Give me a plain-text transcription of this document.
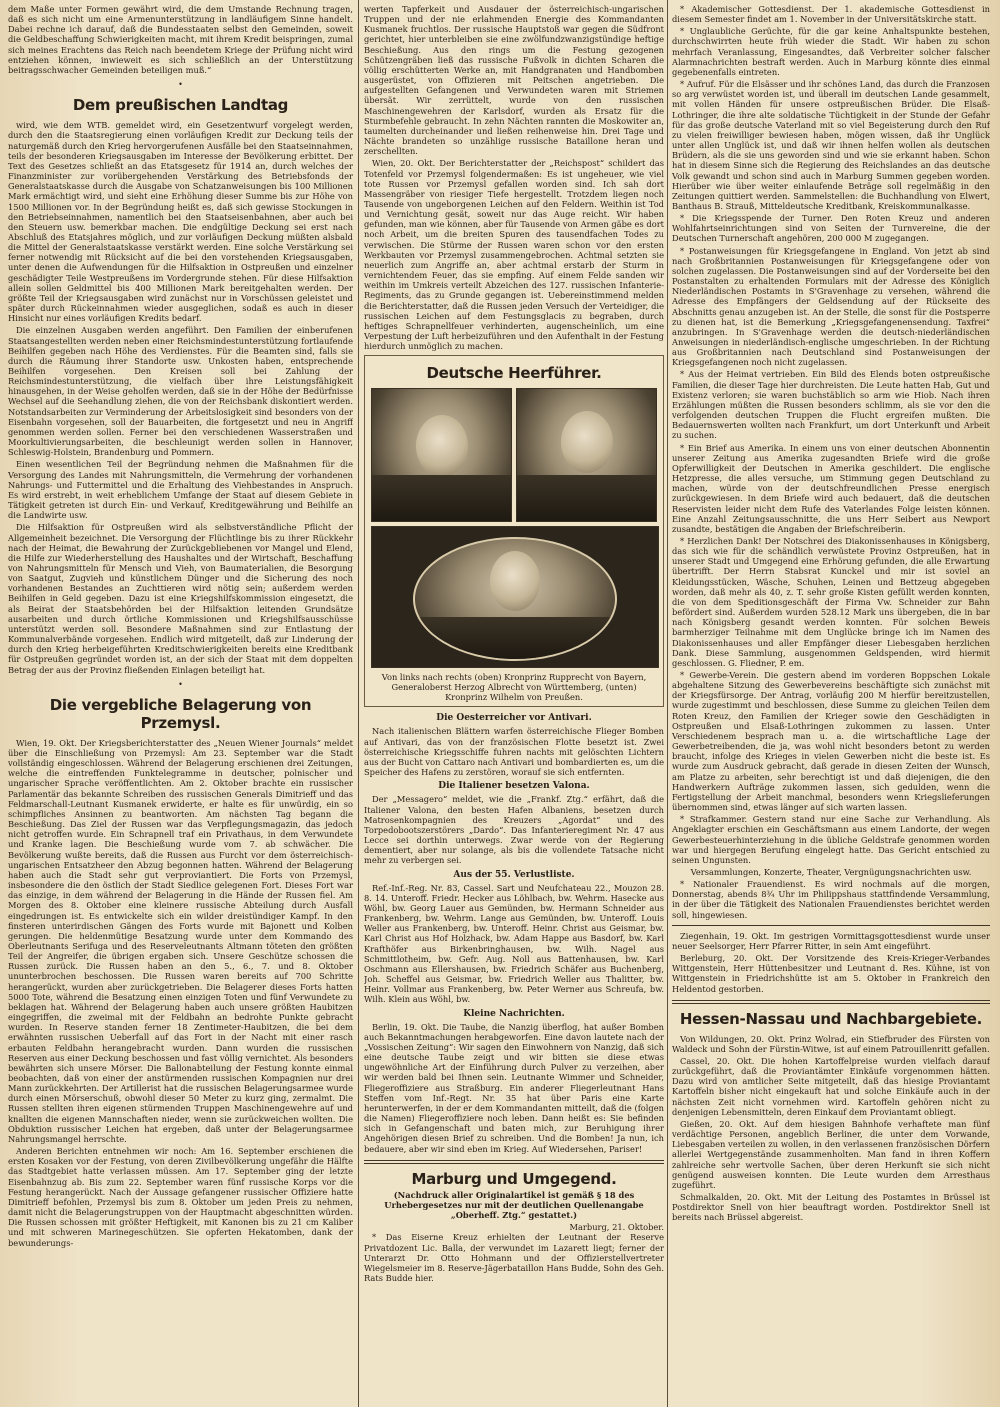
dem Maße unter Formen gewährt wird, die dem Umstande Rechnung tragen, daß es sich nicht um eine Armenunterstützung in landläufigem Sinne handelt. Dabei rechne ich darauf, daß die Bundesstaaten selbst den Gemeinden, soweit die Geldbeschaffung Schwierigkeiten macht, mit ihrem Kredit beispringen, zumal sich meines Erachtens das Reich nach beendetem Kriege der Prüfung nicht wird entziehen können, inwieweit es sich schließlich an der Unterstützung beitragsschwacher Gemeinden beteiligen muß.“

•
Dem preußischen Landtag

wird, wie dem WTB. gemeldet wird, ein Gesetzentwurf vorgelegt werden, durch den die Staatsregierung einen vorläufigen Kredit zur Deckung teils der naturgemäß durch den Krieg hervorgerufenen Ausfälle bei den Staatseinnahmen, teils der besonderen Kriegsausgaben im Interesse der Bevölkerung erbittet. Der Text des Gesetzes schließt an das Etatsgesetz für 1914 an, durch welches der Finanzminister zur vorübergehenden Verstärkung des Betriebsfonds der Generalstaatskasse durch die Ausgabe von Schatzanweisungen bis 100 Millionen Mark ermächtigt wird, und sieht eine Erhöhung dieser Summe bis zur Höhe von 1500 Millionen vor. In der Begründung heißt es, daß sich gewisse Stockungen in den Betriebseinnahmen, namentlich bei den Staatseisenbahnen, aber auch bei den Steuern usw. bemerkbar machen. Die endgültige Deckung sei erst nach Abschluß des Etatsjahres möglich, und zur vorläufigen Deckung müßten alsbald die Mittel der Generalstaatskasse verstärkt werden. Eine solche Verstärkung sei ferner notwendig mit Rücksicht auf die bei den vorstehenden Kriegsausgaben, unter denen die Aufwendungen für die Hilfsaktion in Ostpreußen und einzelner geschädigter Teile Westpreußens im Vordergrunde stehen. Für diese Hilfsaktion allein sollen Geldmittel bis 400 Millionen Mark bereitgehalten werden. Der größte Teil der Kriegsausgaben wird zunächst nur in Vorschüssen geleistet und später durch Rückeinnahmen wieder ausgeglichen, sodaß es auch in dieser Hinsicht nur eines vorläufigen Kredits bedarf.

Die einzelnen Ausgaben werden angeführt. Den Familien der einberufenen Staatsangestellten werden neben einer Reichsmindestunterstützung fortlaufende Beihilfen gegeben nach Höhe des Verdienstes. Für die Beamten sind, falls sie durch die Räumung ihrer Standorte usw. Unkosten haben, entsprechende Beihilfen vorgesehen. Den Kreisen soll bei Zahlung der Reichsmindestunterstützung, die vielfach über ihre Leistungsfähigkeit hinausgehen, in der Weise geholfen werden, daß sie in der Höhe der Bedürfnisse Wechsel auf die Seehandlung ziehen, die von der Reichsbank diskontiert werden. Notstandsarbeiten zur Verminderung der Arbeitslosigkeit sind besonders von der Eisenbahn vorgesehen, soll der Bauarbeiten, die fortgesetzt und neu in Angriff genommen werden sollen. Ferner bei den verschiedenen Wasserstraßen und Moorkultivierungsarbeiten, die beschleunigt werden sollen in Hannover, Schleswig-Holstein, Brandenburg und Pommern.

Einen wesentlichen Teil der Begründung nehmen die Maßnahmen für die Versorgung des Landes mit Nahrungsmitteln, die Vermehrung der vorhandenen Nahrungs- und Futtermittel und die Erhaltung des Viehbestandes in Anspruch. Es wird erstrebt, in weit erheblichem Umfange der Staat auf diesem Gebiete in Tätigkeit getreten ist durch Ein- und Verkauf, Kreditgewährung und Beihilfe an die Landwirte usw.

Die Hilfsaktion für Ostpreußen wird als selbstverständliche Pflicht der Allgemeinheit bezeichnet. Die Versorgung der Flüchtlinge bis zu ihrer Rückkehr nach der Heimat, die Bewahrung der Zurückgebliebenen vor Mangel und Elend, die Hilfe zur Wiederherstellung des Haushaltes und der Wirtschaft, Beschaffung von Nahrungsmitteln für Mensch und Vieh, von Baumaterialien, die Besorgung von Saatgut, Zugvieh und künstlichem Dünger und die Sicherung des noch vorhandenen Bestandes an Zuchttieren wird nötig sein; außerdem werden Beihilfen in Geld gegeben. Dazu ist eine Kriegshilfskommission eingesetzt, die als Beirat der Staatsbehörden bei der Hilfsaktion leitenden Grundsätze ausarbeiten und durch örtliche Kommissionen und Kriegshilfsausschüsse unterstützt werden soll. Besondere Maßnahmen sind zur Entlastung der Kommunalverbände vorgesehen. Endlich wird mitgeteilt, daß zur Linderung der durch den Krieg herbeigeführten Kreditschwierigkeiten bereits eine Kreditbank für Ostpreußen gegründet worden ist, an der sich der Staat mit dem doppelten Betrag der aus der Provinz fließenden Einlagen beteiligt hat.

•
Die vergebliche Belagerung von Przemysl.

Wien, 19. Okt. Der Kriegsberichterstatter des „Neuen Wiener Journals“ meldet über die Einschließung von Przemysl: Am 23. September war die Stadt vollständig eingeschlossen. Während der Belagerung erschienen drei Zeitungen, welche die eintreffenden Funktelegramme in deutscher, polnischer und ungarischer Sprache veröffentlichten. Am 2. Oktober brachte ein russischer Parlamentär das bekannte Schreiben des russischen Generals Dimitrieff und das Feldmarschall-Leutnant Kusmanek erwiderte, er halte es für unwürdig, ein so schimpfliches Ansinnen zu beantworten. Am nächsten Tag begann die Beschießung. Das Ziel der Russen war das Verpflegungsmagazin, das jedoch nicht getroffen wurde. Ein Schrapnell traf ein Privathaus, in dem Verwundete und Kranke lagen. Die Beschießung wurde vom 7. ab schwächer. Die Bevölkerung wußte bereits, daß die Russen aus Furcht vor dem österreichisch-ungarischen Entsatzheer den Abzug begonnen hatten. Während der Belagerung haben auch die Stadt sehr gut verproviantiert. Die Forts von Przemysl, insbesondere die den östlich der Stadt Siedlice gelegenen Fort. Dieses Fort war das einzige, in dem während der Belagerung in die Hände der Russen fiel. Am Morgen des 8. Oktober eine kleinere russische Abteilung durch Ausfall eingedrungen ist. Es entwickelte sich ein wilder dreistündiger Kampf. In den finsteren unterirdischen Gängen des Forts wurde mit Bajonett und Kolben gerungen. Die heldenmütige Besatzung wurde unter dem Kommando des Oberleutnants Serifuga und des Reserveleutnants Altmann töteten den größten Teil der Angreifer, die übrigen ergaben sich. Unsere Geschütze schossen die Russen zurück. Die Russen haben an den 5., 6., 7. und 8. Oktober ununterbrochen beschossen. Die Russen waren bereits auf 700 Schritte herangerückt, wurden aber zurückgetrieben. Die Belagerer dieses Forts hatten 5000 Tote, während die Besatzung einen einzigen Toten und fünf Verwundete zu beklagen hat. Während der Belagerung haben auch unsere größten Haubitzen eingegriffen, die zweimal mit der Feldbahn an bedrohte Punkte gebracht wurden. In Reserve standen ferner 18 Zentimeter-Haubitzen, die bei dem erwähnten russischen Ueberfall auf das Fort in der Nacht mit einer rasch erbauten Feldbahn herangebracht wurden. Dann wurden die russischen Reserven aus einer Deckung beschossen und fast völlig vernichtet. Als besonders bewährten sich unsere Mörser. Die Ballonabteilung der Festung konnte einmal beobachten, daß von einer der anstürmenden russischen Kompagnien nur drei Mann zurückkehrten. Der Artillerist hat die russischen Belagerungsarmee wurde durch einen Mörserschuß, obwohl dieser 50 Meter zu kurz ging, zermalmt. Die Russen stellten ihren eigenen stürmenden Truppen Maschinengewehre auf und knallten die eigenen Mannschaften nieder, wenn sie zurückweichen wollten. Die Obduktion russischer Leichen hat ergeben, daß unter der Belagerungsarmee Nahrungsmangel herrschte.

Anderen Berichten entnehmen wir noch: Am 16. September erschienen die ersten Kosaken vor der Festung, von deren Zivilbevölkerung ungefähr die Hälfte das Stadtgebiet hatte verlassen müssen. Am 17. September ging der letzte Eisenbahnzug ab. Bis zum 22. September waren fünf russische Korps vor die Festung herangerückt. Nach der Aussage gefangener russischer Offiziere hatte Dimitrieff befohlen, Przemysl bis zum 8. Oktober um jeden Preis zu nehmen, damit nicht die Belagerungstruppen von der Hauptmacht abgeschnitten würden. Die Russen schossen mit größter Heftigkeit, mit Kanonen bis zu 21 cm Kaliber und mit schweren Marinegeschützen. Sie opferten Hekatomben, dank der bewunderungs-

werten Tapferkeit und Ausdauer der österreichisch-ungarischen Truppen und der nie erlahmenden Energie des Kommandanten Kusmanek fruchtlos. Der russische Hauptstoß war gegen die Südfront gerichtet, hier unterbleiben sie eine zwölfundzwanzigstündige heftige Beschießung. Aus den rings um die Festung gezogenen Schützengräben ließ das russische Fußvolk in dichten Scharen die völlig erschütterten Werke an, mit Handgranaten und Handbomben ausgerüstet, von Offizieren mit Peitschen angetrieben. Die aufgestellten Gefangenen und Verwundeten waren mit Striemen übersät. Wir zerrüttelt, wurde von den russischen Maschinengewehren der Karlsdorf, wurden als Ersatz für die Sturmbefehle gebraucht. In zehn Nächten rannten die Moskowiter an, taumelten durcheinander und ließen reihenweise hin. Drei Tage und Nächte brandeten so unzählige russische Bataillone heran und zerschellten.

Wien, 20. Okt. Der Berichterstatter der „Reichspost“ schildert das Totenfeld vor Przemysl folgendermaßen: Es ist ungeheuer, wie viel tote Russen vor Przemysl gefallen worden sind. Ich sah dort Massengräber von riesiger Tiefe hergestellt. Trotzdem liegen noch Tausende von ungeborgenen Leichen auf den Feldern. Weithin ist Tod und Vernichtung gesät, soweit nur das Auge reicht. Wir haben gefunden, man wie können, aber für Tausende von Armen gäbe es dort noch Arbeit, um die breiten Spuren des tausendfachen Todes zu verwischen. Die Stürme der Russen waren schon vor den ersten Werkbauten vor Przemysl zusammengebrochen. Achtmal setzten sie neuerlich zum Angriffe an, aber achtmal erstarb der Sturm in vernichtendem Feuer, das sie empfing. Auf einem Felde sanden wir weithin im Umkreis verteilt Abzeichen des 127. russischen Infanterie-Regiments, das zu Grunde gegangen ist. Uebereinstimmend melden die Berichterstatter, daß die Russen jeden Versuch der Verteidiger, die russischen Leichen auf dem Festungsglacis zu begraben, durch heftiges Schrapnellfeuer verhinderten, augenscheinlich, um eine Verpestung der Luft herbeizuführen und den Aufenthalt in der Festung hierdurch unmöglich zu machen.

Deutsche Heerführer.
Von links nach rechts (oben) Kronprinz Rupprecht von Bayern, Generaloberst Herzog Albrecht von Württemberg, (unten) Kronprinz Wilhelm von Preußen.
Die Oesterreicher vor Antivari.

Nach italienischen Blättern warfen österreichische Flieger Bomben auf Antivari, das von der französischen Flotte besetzt ist. Zwei österreichische Kriegsschiffe fuhren nachts mit gelöschten Lichtern aus der Bucht von Cattaro nach Antivari und bombardierten es, um die Speicher des Hafens zu zerstören, worauf sie sich entfernten.

Die Italiener besetzen Valona.

Der „Messagero“ meldet, wie die „Frankf. Ztg.“ erfährt, daß die Italiener Valona, den besten Hafen Albaniens, besetzen durch Matrosenkompagnien des Kreuzers „Agordat“ und des Torpedobootszerstörers „Dardo“. Das Infanterieregiment Nr. 47 aus Lecce sei dorthin unterwegs. Zwar werde von der Regierung dementiert, aber nur solange, als bis die vollendete Tatsache nicht mehr zu verbergen sei.

Aus der 55. Verlustliste.

Ref.-Inf.-Reg. Nr. 83, Cassel. Sart und Neufchateau 22., Mouzon 28. 8. 14. Unteroff. Friedr. Hecker aus Löhlbach, bw. Wehrm. Hasecke aus Wöhl, bw. Georg Lauer aus Gemünden, bw. Hermann Schneider aus Frankenberg, bw. Wehrm. Lange aus Gemünden, bw. Unteroff. Louis Weller aus Frankenberg, bw. Unteroff. Heinr. Christ aus Geismar, bw. Karl Christ aus Hof Holzhack, bw. Adam Happe aus Basdorf, bw. Karl Krafthöfer aus Birkenbringhausen, bw. Wilh. Nagel aus Schmittlotheim, bw. Gefr. Aug. Noll aus Battenhausen, bw. Karl Oschmann aus Ellershausen, bw. Friedrich Schäfer aus Buchenberg, Joh. Scheffel aus Geismar, bw. Friedrich Weller aus Thalitter, bw. Heinr. Vollmar aus Frankenberg, bw. Peter Werner aus Schreufa, bw. Wilh. Klein aus Wöhl, bw.

Kleine Nachrichten.

Berlin, 19. Okt. Die Taube, die Nanzig überflog, hat außer Bomben auch Bekanntmachungen herabgeworfen. Eine davon lautete nach der „Vossischen Zeitung“: Wir sagen den Einwohnern von Nanzig, daß sich eine deutsche Taube zeigt und wir bitten sie diese etwas ungewöhnliche Art der Einführung durch Pulver zu verzeihen, aber wir werden bald bei Ihnen sein. Leutnante Wimmer und Schneider, Fliegeroffiziere aus Straßburg. Ein anderer Fliegerleutnant Hans Steffen vom Inf.-Regt. Nr. 35 hat über Paris eine Karte herunterwerfen, in der er dem Kommandanten mitteilt, daß die (folgen die Namen) Fliegeroffiziere noch leben. Dann heißt es: Sie befinden sich in Gefangenschaft und baten mich, zur Beruhigung ihrer Angehörigen diesen Brief zu schreiben. Und die Bomben! Ja nun, ich bedauere, aber wir sind eben im Krieg. Auf Wiedersehen, Pariser!

Marburg und Umgegend.

(Nachdruck aller Originalartikel ist gemäß § 18 des Urhebergesetzes nur mit der deutlichen Quellenangabe „Oberheff. Ztg.“ gestattet.)

Marburg, 21. Oktober.

* Das Eiserne Kreuz erhielten der Leutnant der Reserve Privatdozent Lic. Balla, der verwundet im Lazarett liegt; ferner der Unterarzt Dr. Otto Hohmann und der Offizierstellvertreter Wiegelsmeier im 8. Reserve-Jägerbataillon Hans Budde, Sohn des Geh. Rats Budde hier.

* Akademischer Gottesdienst. Der 1. akademische Gottesdienst in diesem Semester findet am 1. November in der Universitätskirche statt.

* Unglaubliche Gerüchte, für die gar keine Anhaltspunkte bestehen, durchschwirrten heute früh wieder die Stadt. Wir haben zu schon mehrfach Veranlassung, Eingesandtes, daß Verbreiter solcher falscher Alarmnachrichten bestraft werden. Auch in Marburg könnte dies einmal gegebenenfalls eintreten.

* Aufruf. Für die Elsässer und ihr schönes Land, das durch die Franzosen so arg verwüstet worden ist, und überall im deutschen Lande gesammelt, mit vollen Händen für unsere ostpreußischen Brüder. Die Elsaß-Lothringer, die ihre alte soldatische Tüchtigkeit in der Stunde der Gefahr für das große deutsche Vaterland mit so viel Begeisterung durch den Ruf zu vielen freiwilliger bewiesen haben, mögen wissen, daß ihr Unglück unter allen Unglück ist, und daß wir ihnen helfen wollen als deutschen Brüdern, als die sie uns geworden sind und wie sie erkannt haben. Schon hat in diesem Sinne sich die Regierung des Reichslandes an das deutsche Volk gewandt und schon sind auch in Marburg Summen gegeben worden. Hierüber wie über weiter einlaufende Beträge soll regelmäßig in den Zeitungen quittiert werden. Sammelstellen: die Buchhandlung von Elwert, Banthaus B. Strauß, Mitteldeutsche Kreditbank, Kreiskommunalkasse.

* Die Kriegsspende der Turner. Den Roten Kreuz und anderen Wohlfahrtseinrichtungen sind von Seiten der Turnvereine, die der Deutschen Turnerschaft angehören, 200 000 M zugegangen.

* Postanweisungen für Kriegsgefangene in England. Von jetzt ab sind nach Großbritannien Postanweisungen für Kriegsgefangene oder von solchen zugelassen. Die Postanweisungen sind auf der Vorderseite bei den Postanstalten zu erhaltenden Formulars mit der Adresse des Königlich Niederländischen Postamts in S'Gravenhage zu versehen, während die Adresse des Empfängers der Geldsendung auf der Rückseite des Abschnitts genau anzugeben ist. An der Stelle, die sonst für die Postsperre zu dienen hat, ist die Bemerkung „Kriegsgefangenensendung. Taxfrei“ anzubringen. In S'Gravenhage werden die deutsch-niederländischen Anweisungen in niederländisch-englische umgeschrieben. In der Richtung aus Großbritannien nach Deutschland sind Postanweisungen der Kriegsgefangenen noch nicht zugelassen.

* Aus der Heimat vertrieben. Ein Bild des Elends boten ostpreußische Familien, die dieser Tage hier durchreisten. Die Leute hatten Hab, Gut und Existenz verloren; sie waren buchstäblich so arm wie Hiob. Nach ihren Erzählungen müßten die Russen besonders schlimm, als sie vor den die verfolgenden deutschen Truppen die Flucht ergreifen mußten. Die Bedauernswerten wollten nach Frankfurt, um dort Unterkunft und Arbeit zu suchen.

* Ein Brief aus Amerika. In einem uns von einer deutschen Abonnentin unserer Zeitung aus Amerika zugesandten Briefe wird die große Opferwilligkeit der Deutschen in Amerika geschildert. Die englische Hetzpresse, die alles versuche, um Stimmung gegen Deutschland zu machen, würde von der deutschfreundlichen Presse energisch zurückgewiesen. In dem Briefe wird auch bedauert, daß die deutschen Reservisten leider nicht dem Rufe des Vaterlandes Folge leisten können. Eine Anzahl Zeitungsausschnitte, die uns Herr Seibert aus Newport zusandte, bestätigen die Angaben der Briefschreiberin.

* Herzlichen Dank! Der Notschrei des Diakonissenhauses in Königsberg, das sich wie für die schändlich verwüstete Provinz Ostpreußen, hat in unserer Stadt und Umgegend eine Erhörung gefunden, die alle Erwartung übertrifft. Der Herrn Stabsrat Kunckel und mir ist soviel an Kleidungsstücken, Wäsche, Schuhen, Leinen und Bettzeug abgegeben worden, daß mehr als 40, z. T. sehr große Kisten gefüllt werden konnten, die von dem Speditionsgeschäft der Firma Vw. Schneider zur Bahn befördert sind. Außerdem wurden 528.12 Mark uns übergeben, die in bar nach Königsberg gesandt werden konnten. Für solchen Beweis barmherziger Teilnahme mit dem Unglücke bringe ich im Namen des Diakonissenhauses und aller Empfänger dieser Liebesgaben herzlichen Dank. Diese Sammlung, ausgenommen Geldspenden, wird hiermit geschlossen. G. Fliedner, P. em.

* Gewerbe-Verein. Die gestern abend im vorderen Boppschen Lokale abgehaltene Sitzung des Gewerbevereins beschäftigte sich zunächst mit der Kriegsfürsorge. Der Antrag, vorläufig 200 M hierfür bereitzustellen, wurde zugestimmt und beschlossen, diese Summe zu gleichen Teilen dem Roten Kreuz, den Familien der Krieger sowie den Geschädigten in Ostpreußen und Elsaß-Lothringen zukommen zu lassen. Unter Verschiedenem besprach man u. a. die wirtschaftliche Lage der Gewerbetreibenden, die ja, was wohl nicht besonders betont zu werden braucht, infolge des Krieges in vielen Gewerben nicht die beste ist. Es wurde zum Ausdruck gebracht, daß gerade in diesen Zeiten der Wunsch, am Platze zu arbeiten, sehr berechtigt ist und daß diejenigen, die den Handwerkern Aufträge zukommen lassen, sich gedulden, wenn die Fertigstellung der Arbeit manchmal, besonders wenn Kriegslieferungen übernommen sind, etwas länger auf sich warten lassen.

* Strafkammer. Gestern stand nur eine Sache zur Verhandlung. Als Angeklagter erschien ein Geschäftsmann aus einem Landorte, der wegen Gewerbesteuerhinterziehung in die übliche Geldstrafe genommen worden war und hiergegen Berufung eingelegt hatte. Das Gericht entschied zu seinen Ungunsten.

Versammlungen, Konzerte, Theater, Vergnügungsnachrichten usw.

* Nationaler Frauendienst. Es wird nochmals auf die morgen, Donnerstag, abends 8¾ Uhr im Philippshaus stattfindende Versammlung, in der über die Tätigkeit des Nationalen Frauendienstes berichtet werden soll, hingewiesen.

Ziegenhain, 19. Okt. Im gestrigen Vormittagsgottesdienst wurde unser neuer Seelsorger, Herr Pfarrer Ritter, in sein Amt eingeführt.

Berleburg, 20. Okt. Der Vorsitzende des Kreis-Krieger-Verbandes Wittgenstein, Herr Hüttenbesitzer und Leutnant d. Res. Kühne, ist von Wittgenstein in Friedrichshütte ist am 5. Oktober in Frankreich den Heldentod gestorben.

Hessen-Nassau und Nachbargebiete.

Von Wildungen, 20. Okt. Prinz Wolrad, ein Stiefbruder des Fürsten von Waldeck und Sohn der Fürstin-Witwe, ist auf einem Patrouillenritt gefallen.

Cassel, 20. Okt. Die hohen Kartoffelpreise wurden vielfach darauf zurückgeführt, daß die Proviantämter Einkäufe vorgenommen hätten. Dazu wird von amtlicher Seite mitgeteilt, daß das hiesige Proviantamt Kartoffeln bisher nicht eingekauft hat und solche Einkäufe auch in der nächsten Zeit nicht vornehmen wird. Kartoffeln gehören nicht zu denjenigen Lebensmitteln, deren Einkauf dem Proviantamt obliegt.

Gießen, 20. Okt. Auf dem hiesigen Bahnhofe verhaftete man fünf verdächtige Personen, angeblich Berliner, die unter dem Vorwande, Liebesgaben verteilen zu wollen, in den verlassenen französischen Dörfern allerlei Wertgegenstände zusammenholten. Man fand in ihren Koffern zahlreiche sehr wertvolle Sachen, über deren Herkunft sie sich nicht genügend ausweisen konnten. Die Leute wurden dem Arresthaus zugeführt.

Schmalkalden, 20. Okt. Mit der Leitung des Postamtes in Brüssel ist Postdirektor Snell von hier beauftragt worden. Postdirektor Snell ist bereits nach Brüssel abgereist.
